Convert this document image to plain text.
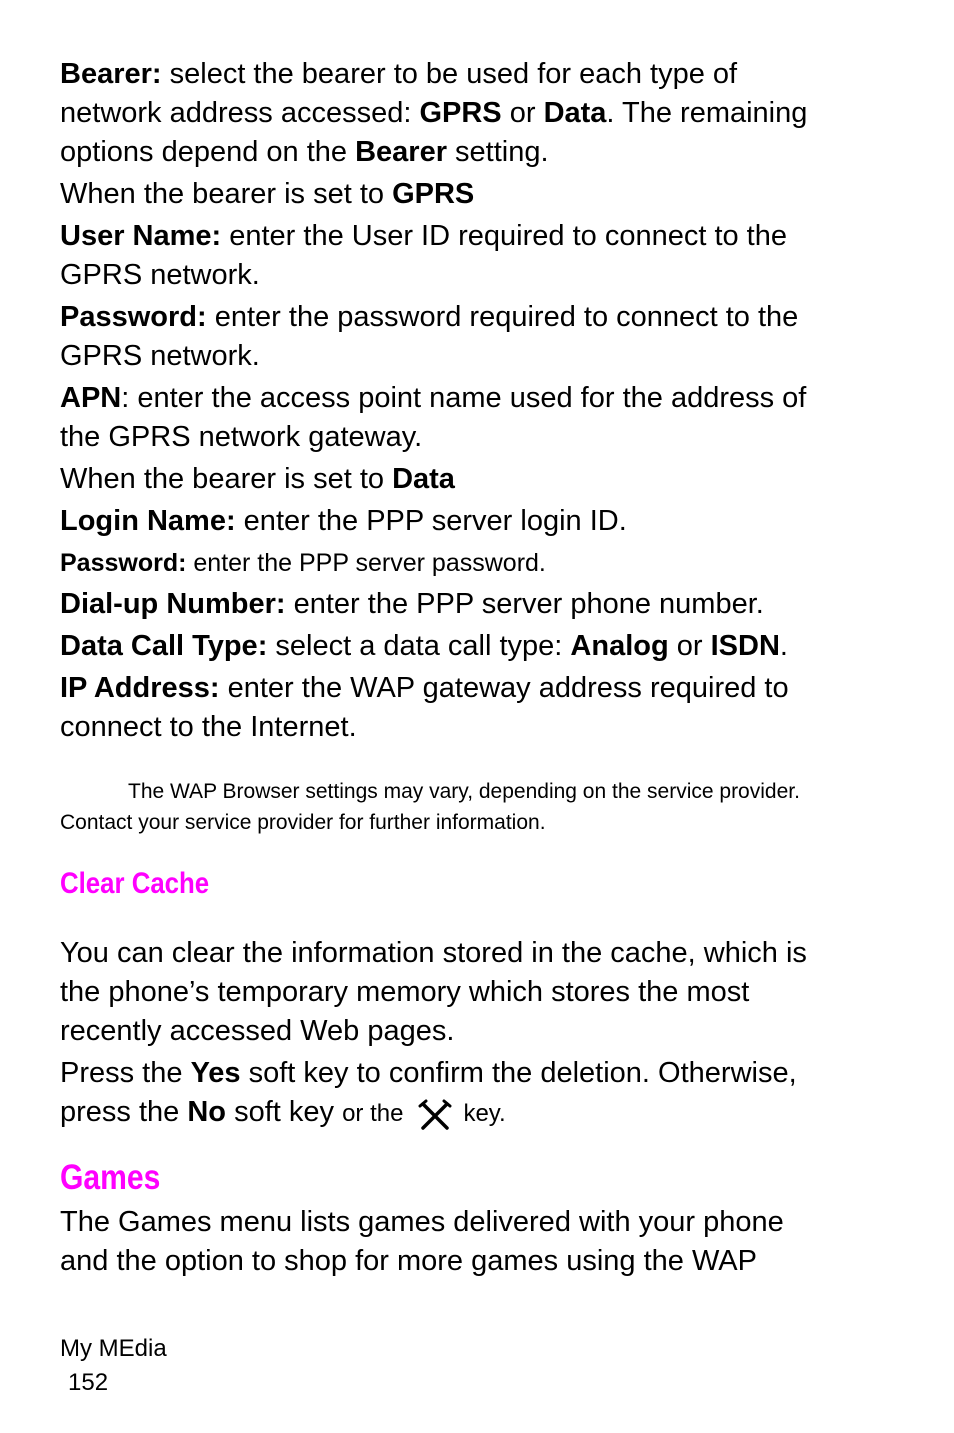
Bearer: select the bearer to be used for each type of
network address accessed: GPRS or Data. The remaining
options depend on the Bearer setting.
When the bearer is set to GPRS
User Name: enter the User ID required to connect to the
GPRS network.
Password: enter the password required to connect to the
GPRS network.
APN: enter the access point name used for the address of
the GPRS network gateway.
When the bearer is set to Data
Login Name: enter the PPP server login ID.
Password: enter the PPP server password.
Dial-up Number: enter the PPP server phone number.
Data Call Type: select a data call type: Analog or ISDN.
IP Address: enter the WAP gateway address required to
connect to the Internet.
The WAP Browser settings may vary, depending on the service provider.
Contact your service provider for further information.
Clear Cache
You can clear the information stored in the cache, which is
the phone’s temporary memory which stores the most
recently accessed Web pages.
Press the Yes soft key to confirm the deletion. Otherwise,
press the No soft key or the	key.
Games
The Games menu lists games delivered with your phone
and the option to shop for more games using the WAP
My MEdia
152
